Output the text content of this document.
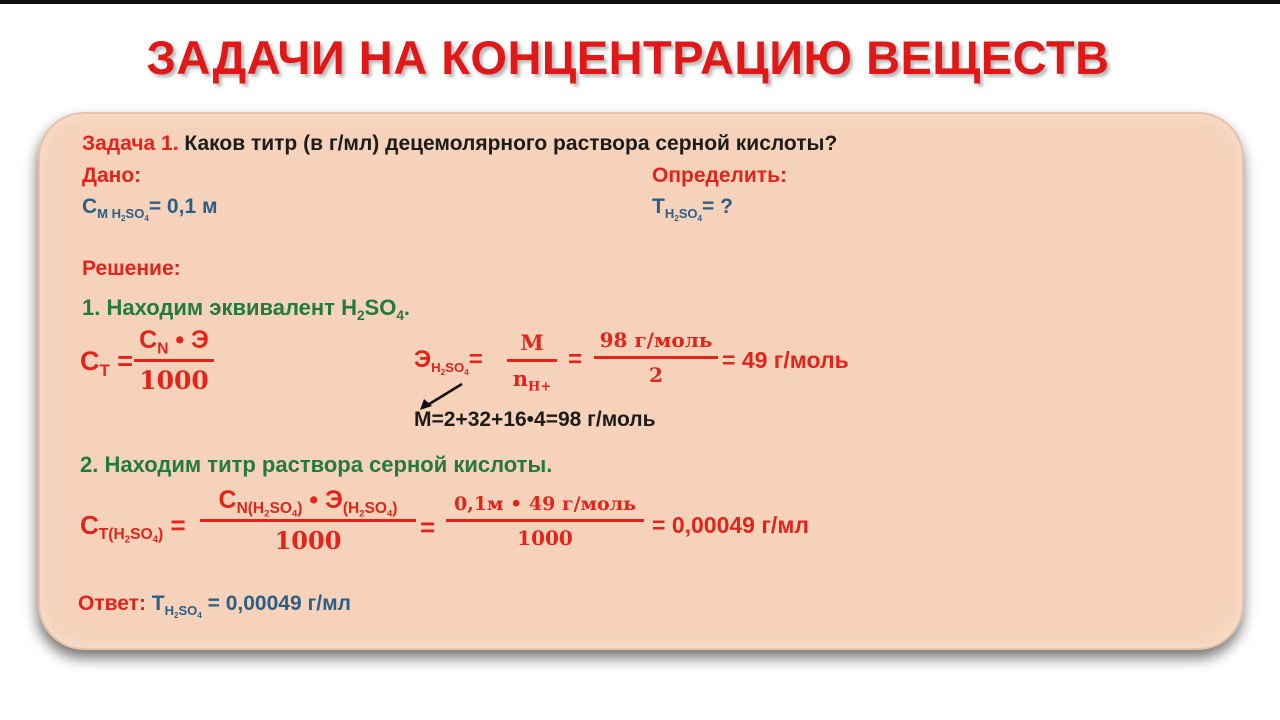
ЗАДАЧИ НА КОНЦЕНТРАЦИЮ ВЕЩЕСТВ
Задача 1. Каков титр (в г/мл) децемолярного раствора серной кислоты?
Дано:	Определить:
$C_{M H_2SO_4}= 0,1$ м	$T_{H_2SO_4}=$ ?
Решение:
1. Находим эквивалент $H_2SO_4$.
$C_T$ =
$C_N$ • Э
1000
$Э_{H_2SO_4}=$
M
$n_{H+}$
=
98 г/моль
2
= 49 г/моль
M=2+32+16•4=98 г/моль
2. Находим титр раствора серной кислоты.
$C_{T(H_2SO_4)}$ =
$C_{N(H_2SO_4)}$ • $Э_{(H_2SO_4)}$
1000	=
0,1м • 49 г/моль
1000	= 0,00049 г/мл
Ответ: $T_{H_2SO_4} = 0,00049$ г/мл
